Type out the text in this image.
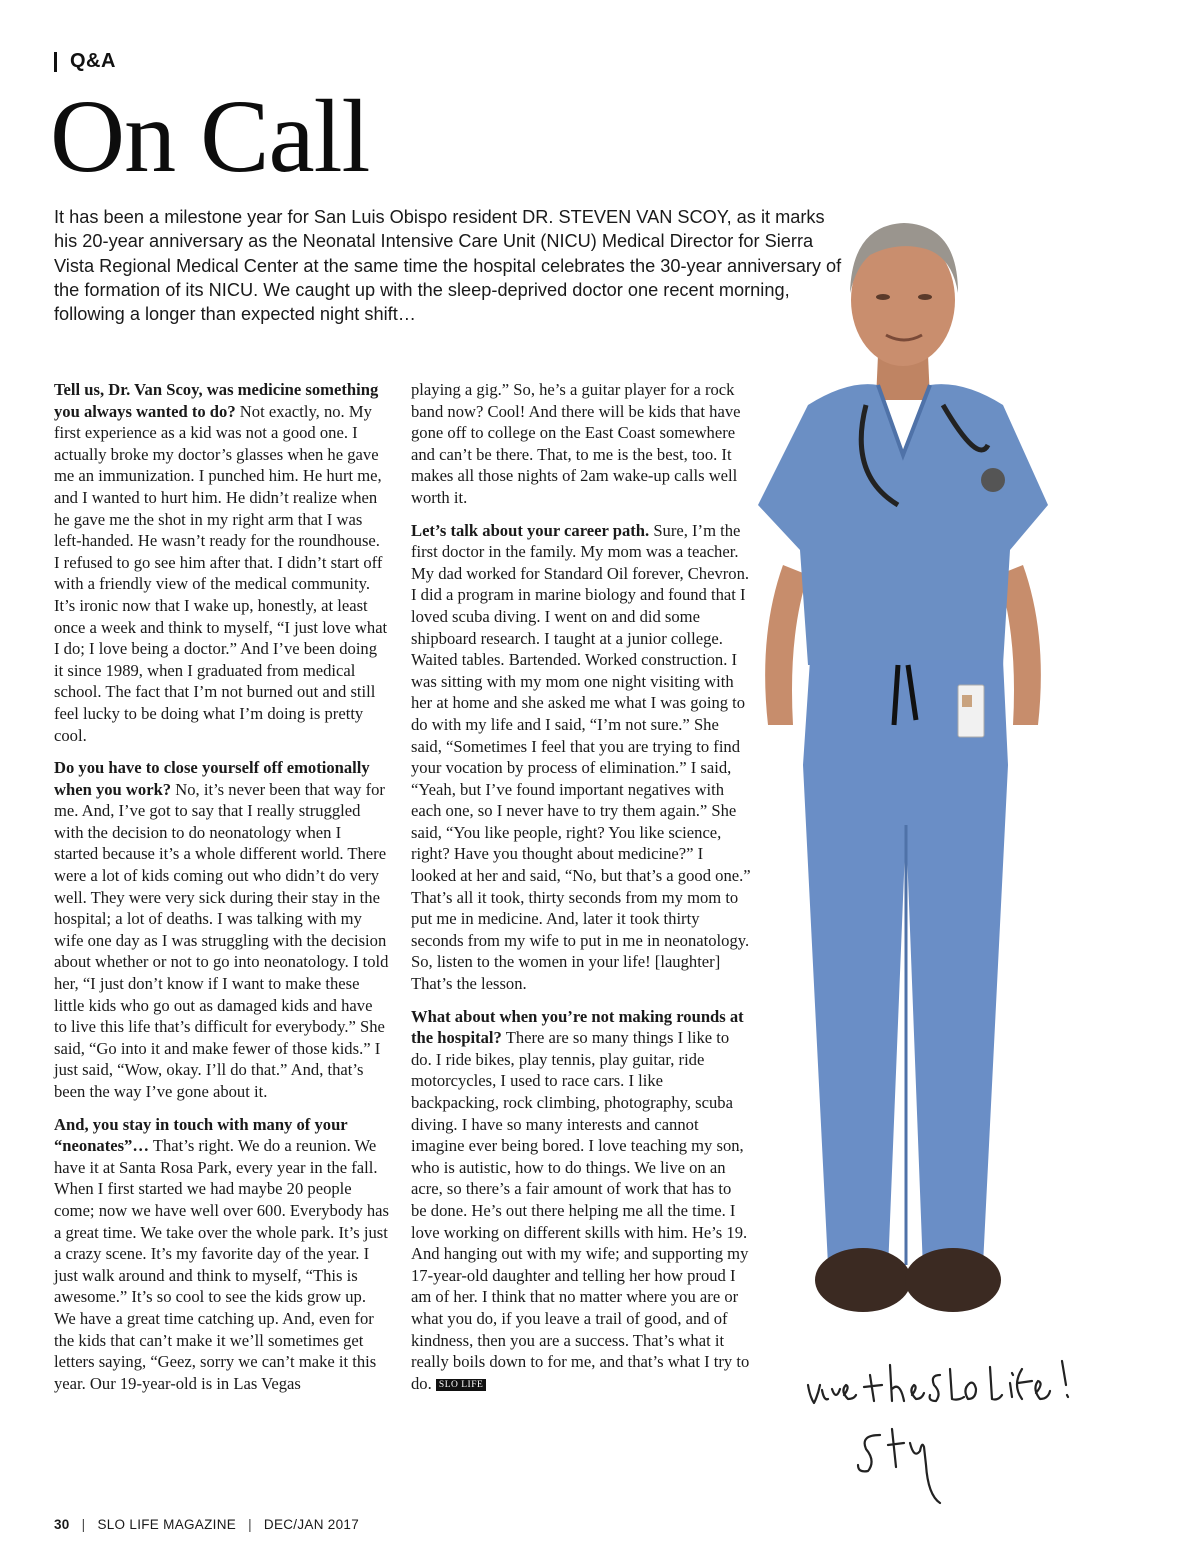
Q&A
On Call

It has been a milestone year for San Luis Obispo resident DR. STEVEN VAN SCOY, as it marks his 20-year anniversary as the Neonatal Intensive Care Unit (NICU) Medical Director for Sierra Vista Regional Medical Center at the same time the hospital celebrates the 30-year anniversary of the formation of its NICU. We caught up with the sleep-deprived doctor one recent morning, following a longer than expected night shift…

Tell us, Dr. Van Scoy, was medicine something you always wanted to do? Not exactly, no. My first experience as a kid was not a good one. I actually broke my doctor’s glasses when he gave me an immunization. I punched him. He hurt me, and I wanted to hurt him. He didn’t realize when he gave me the shot in my right arm that I was left-handed. He wasn’t ready for the roundhouse. I refused to go see him after that. I didn’t start off with a friendly view of the medical community. It’s ironic now that I wake up, honestly, at least once a week and think to myself, “I just love what I do; I love being a doctor.” And I’ve been doing it since 1989, when I graduated from medical school. The fact that I’m not burned out and still feel lucky to be doing what I’m doing is pretty cool.

Do you have to close yourself off emotionally when you work? No, it’s never been that way for me. And, I’ve got to say that I really struggled with the decision to do neonatology when I started because it’s a whole different world. There were a lot of kids coming out who didn’t do very well. They were very sick during their stay in the hospital; a lot of deaths. I was talking with my wife one day as I was struggling with the decision about whether or not to go into neonatology. I told her, “I just don’t know if I want to make these little kids who go out as damaged kids and have to live this life that’s difficult for everybody.” She said, “Go into it and make fewer of those kids.” I just said, “Wow, okay. I’ll do that.” And, that’s been the way I’ve gone about it.

And, you stay in touch with many of your “neonates”… That’s right. We do a reunion. We have it at Santa Rosa Park, every year in the fall. When I first started we had maybe 20 people come; now we have well over 600. Everybody has a great time. We take over the whole park. It’s just a crazy scene. It’s my favorite day of the year. I just walk around and think to myself, “This is awesome.” It’s so cool to see the kids grow up. We have a great time catching up. And, even for the kids that can’t make it we’ll sometimes get letters saying, “Geez, sorry we can’t make it this year. Our 19-year-old is in Las Vegas

playing a gig.” So, he’s a guitar player for a rock band now? Cool! And there will be kids that have gone off to college on the East Coast somewhere and can’t be there. That, to me is the best, too. It makes all those nights of 2am wake-up calls well worth it.

Let’s talk about your career path. Sure, I’m the first doctor in the family. My mom was a teacher. My dad worked for Standard Oil forever, Chevron. I did a program in marine biology and found that I loved scuba diving. I went on and did some shipboard research. I taught at a junior college. Waited tables. Bartended. Worked construction. I was sitting with my mom one night visiting with her at home and she asked me what I was going to do with my life and I said, “I’m not sure.” She said, “Sometimes I feel that you are trying to find your vocation by process of elimination.” I said, “Yeah, but I’ve found important negatives with each one, so I never have to try them again.” She said, “You like people, right? You like science, right? Have you thought about medicine?” I looked at her and said, “No, but that’s a good one.” That’s all it took, thirty seconds from my mom to put me in medicine. And, later it took thirty seconds from my wife to put in me in neonatology. So, listen to the women in your life! [laughter] That’s the lesson.

What about when you’re not making rounds at the hospital? There are so many things I like to do. I ride bikes, play tennis, play guitar, ride motorcycles, I used to race cars. I like backpacking, rock climbing, photography, scuba diving. I have so many interests and cannot imagine ever being bored. I love teaching my son, who is autistic, how to do things. We live on an acre, so there’s a fair amount of work that has to be done. He’s out there helping me all the time. I love working on different skills with him. He’s 19. And hanging out with my wife; and supporting my 17-year-old daughter and telling her how proud I am of her. I think that no matter where you are or what you do, if you leave a trail of good, and of kindness, then you are a success. That’s what it really boils down to for me, and that’s what I try to do. SLO LIFE

30 | SLO LIFE MAGAZINE | DEC/JAN 2017
